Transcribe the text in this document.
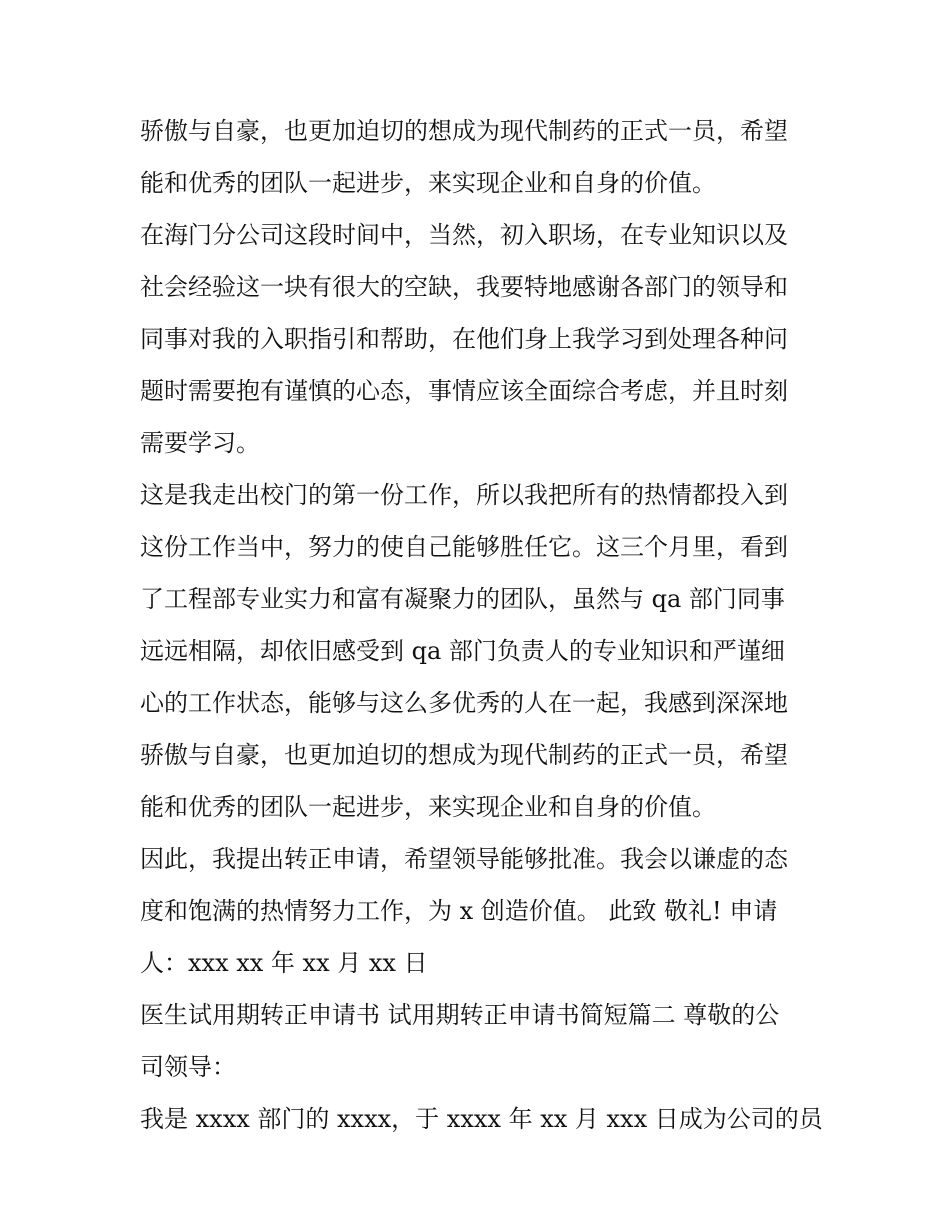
骄傲与自豪，也更加迫切的想成为现代制药的正式一员，希望
能和优秀的团队一起进步，来实现企业和自身的价值。
在海门分公司这段时间中，当然，初入职场，在专业知识以及
社会经验这一块有很大的空缺，我要特地感谢各部门的领导和
同事对我的入职指引和帮助，在他们身上我学习到处理各种问
题时需要抱有谨慎的心态，事情应该全面综合考虑，并且时刻
需要学习。
这是我走出校门的第一份工作，所以我把所有的热情都投入到
这份工作当中，努力的使自己能够胜任它。这三个月里，看到
了工程部专业实力和富有凝聚力的团队，虽然与 qa 部门同事
远远相隔，却依旧感受到 qa 部门负责人的专业知识和严谨细
心的工作状态，能够与这么多优秀的人在一起，我感到深深地
骄傲与自豪，也更加迫切的想成为现代制药的正式一员，希望
能和优秀的团队一起进步，来实现企业和自身的价值。
因此，我提出转正申请，希望领导能够批准。我会以谦虚的态
度和饱满的热情努力工作，为 x 创造价值。 此致 敬礼! 申请
人：xxx xx 年 xx 月 xx 日
医生试用期转正申请书 试用期转正申请书简短篇二 尊敬的公
司领导：
我是 xxxx 部门的 xxxx，于 xxxx 年 xx 月 xxx 日成为公司的员
